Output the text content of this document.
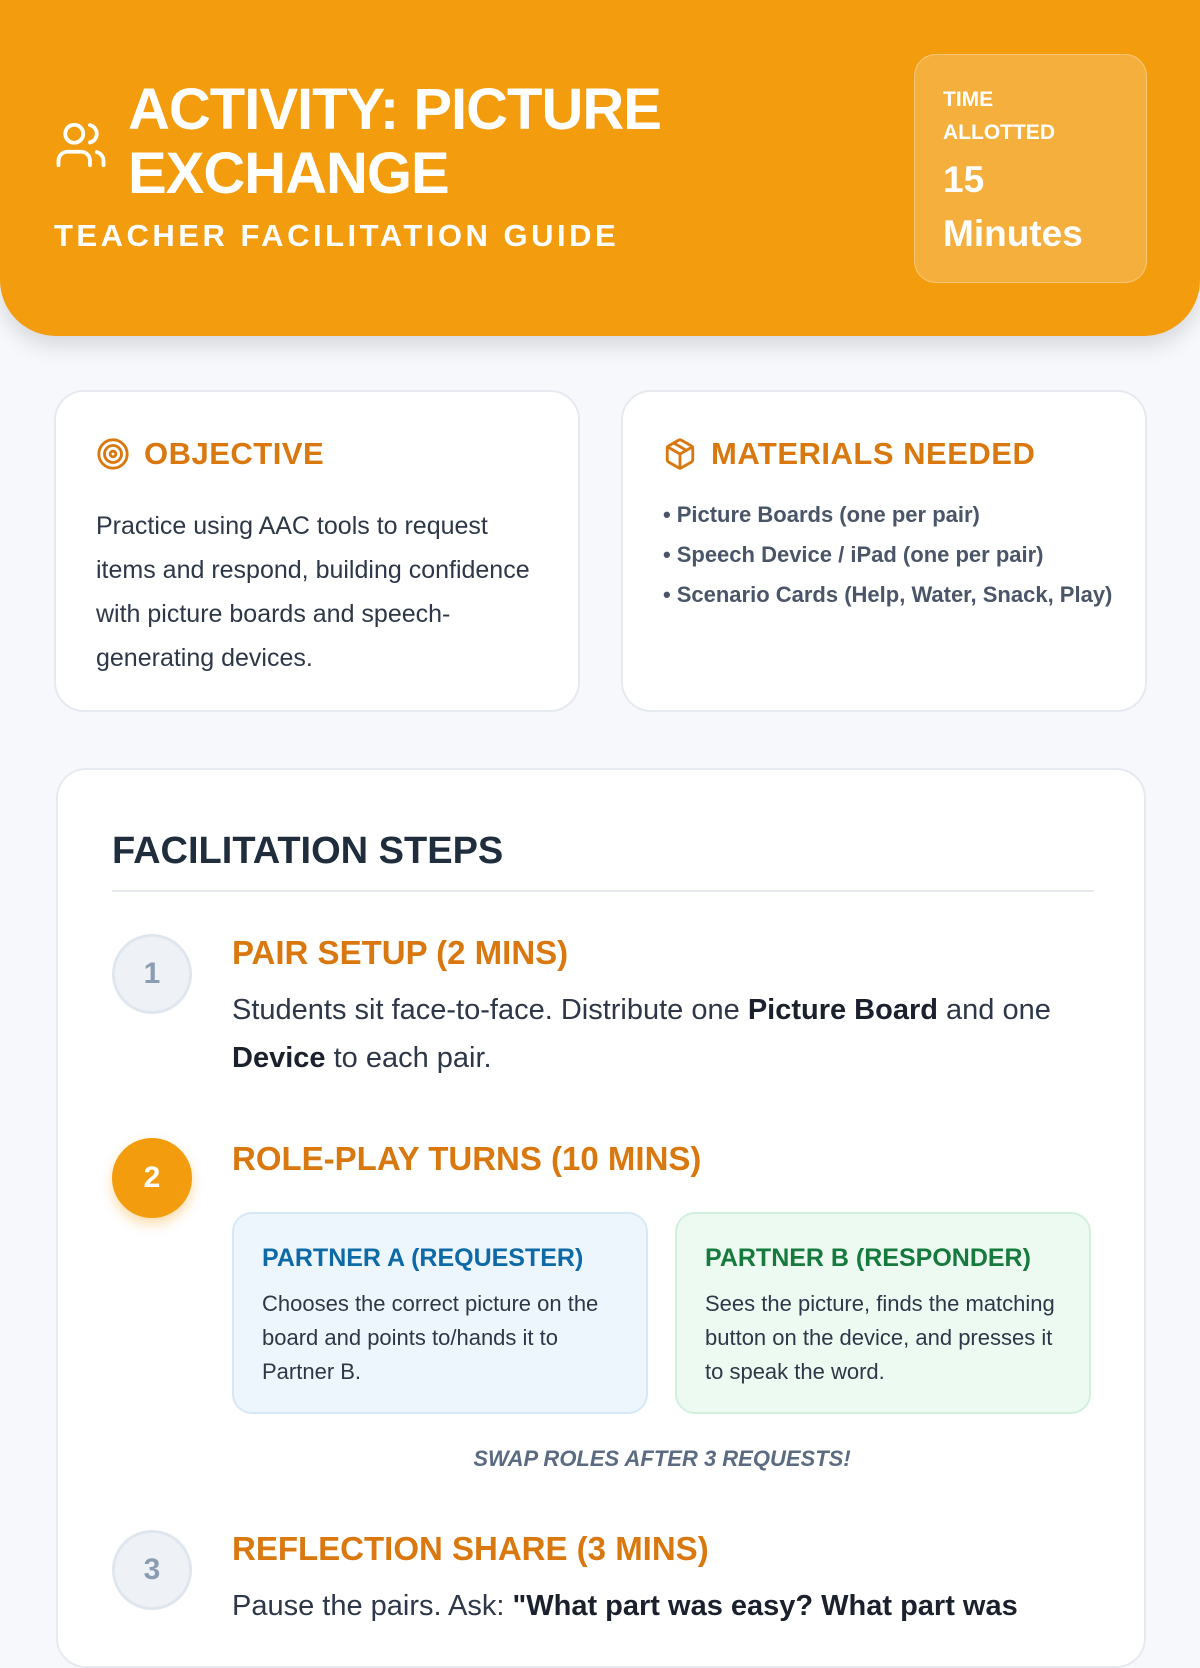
ACTIVITY: PICTURE EXCHANGE
TEACHER FACILITATION GUIDE
TIME ALLOTTED
15 Minutes
OBJECTIVE
Practice using AAC tools to request items and respond, building confidence with picture boards and speech-generating devices.
MATERIALS NEEDED
• Picture Boards (one per pair)
• Speech Device / iPad (one per pair)
• Scenario Cards (Help, Water, Snack, Play)
FACILITATION STEPS
1
PAIR SETUP (2 MINS)
Students sit face-to-face. Distribute one Picture Board and one Device to each pair.
2
ROLE-PLAY TURNS (10 MINS)
PARTNER A (REQUESTER)
Chooses the correct picture on the board and points to/hands it to Partner B.
PARTNER B (RESPONDER)
Sees the picture, finds the matching button on the device, and presses it to speak the word.
SWAP ROLES AFTER 3 REQUESTS!
3
REFLECTION SHARE (3 MINS)
Pause the pairs. Ask: "What part was easy? What part was
